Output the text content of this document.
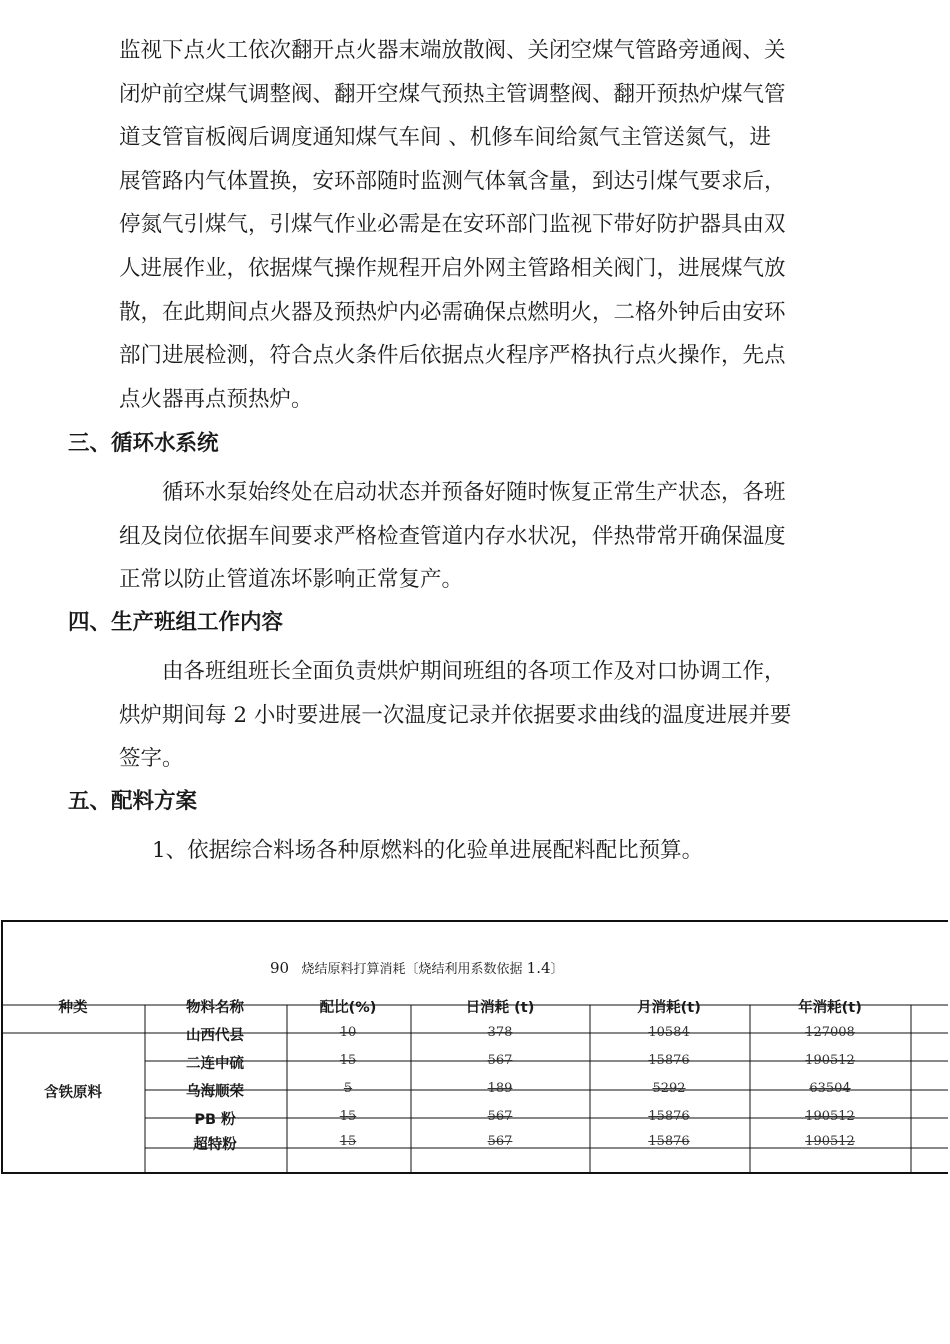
监视下点火工依次翻开点火器末端放散阀、关闭空煤气管路旁通阀、关
闭炉前空煤气调整阀、翻开空煤气预热主管调整阀、翻开预热炉煤气管
道支管盲板阀后调度通知煤气车间 、机修车间给氮气主管送氮气，进
展管路内气体置换，安环部随时监测气体氧含量，到达引煤气要求后，
停氮气引煤气，引煤气作业必需是在安环部门监视下带好防护器具由双
人进展作业，依据煤气操作规程开启外网主管路相关阀门，进展煤气放
散，在此期间点火器及预热炉内必需确保点燃明火，二格外钟后由安环
部门进展检测，符合点火条件后依据点火程序严格执行点火操作，先点
点火器再点预热炉。
三、循环水系统
　　循环水泵始终处在启动状态并预备好随时恢复正常生产状态，各班
组及岗位依据车间要求严格检查管道内存水状况，伴热带常开确保温度
正常以防止管道冻坏影响正常复产。
四、生产班组工作内容
　　由各班组班长全面负责烘炉期间班组的各项工作及对口协调工作，
烘炉期间每 2 小时要进展一次温度记录并依据要求曲线的温度进展并要
签字。
五、配料方案

1、依据综合料场各种原燃料的化验单进展配料配比预算。

90 烧结原料打算消耗〔烧结利用系数依据 1.4〕
种类	物料名称	配比(%)	日消耗 (t)	月消耗(t)	年消耗(t)
含铁原料
山西代县	10	378	10584	127008
二连中硫	15	567	15876	190512
乌海顺荣	5	189	5292	63504
PB 粉	15	567	15876	190512
超特粉	15	567	15876	190512
